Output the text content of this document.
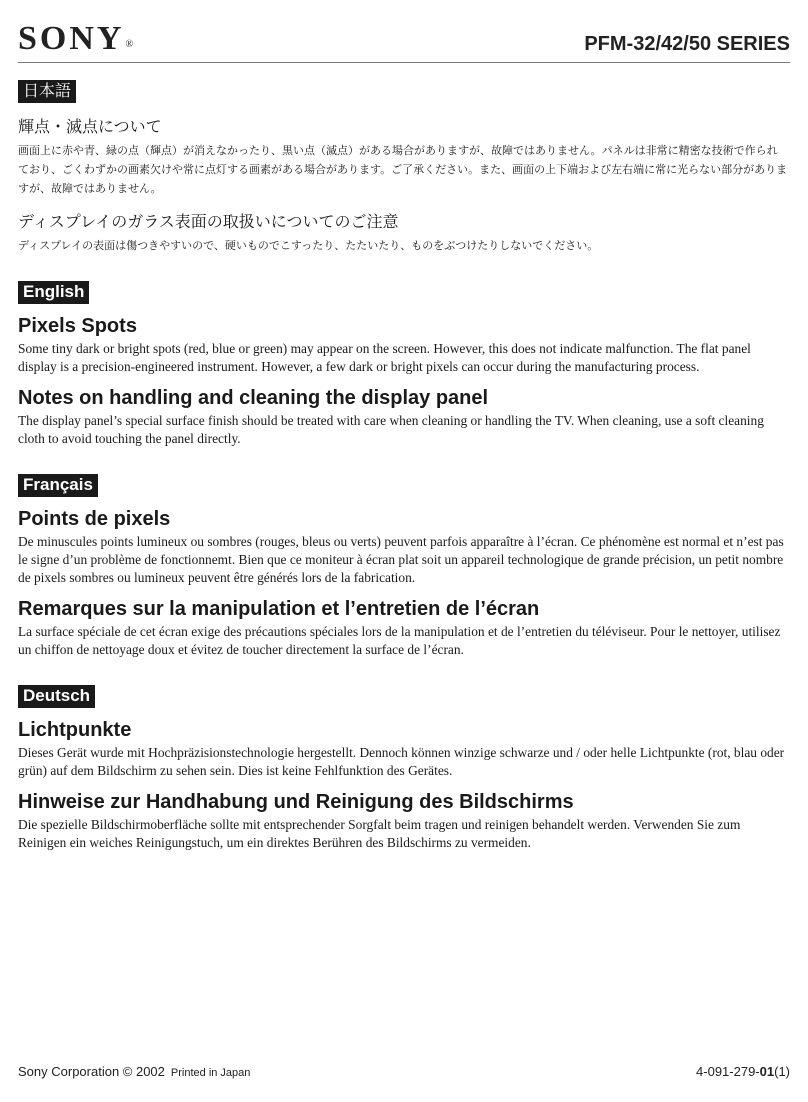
SONY®	PFM-32/42/50 SERIES
日本語
輝点・滅点について

画面上に赤や青、緑の点（輝点）が消えなかったり、黒い点（滅点）がある場合がありますが、故障ではありません。パネルは非常に精密な技術で作られており、ごくわずかの画素欠けや常に点灯する画素がある場合があります。ご了承ください。また、画面の上下端および左右端に常に光らない部分がありますが、故障ではありません。

ディスプレイのガラス表面の取扱いについてのご注意

ディスプレイの表面は傷つきやすいので、硬いものでこすったり、たたいたり、ものをぶつけたりしないでください。

English
Pixels Spots

Some tiny dark or bright spots (red, blue or green) may appear on the screen. However, this does not indicate malfunction. The flat panel display is a precision-engineered instrument. However, a few dark or bright pixels can occur during the manufacturing process.

Notes on handling and cleaning the display panel

The display panel’s special surface finish should be treated with care when cleaning or handling the TV. When cleaning, use a soft cleaning cloth to avoid touching the panel directly.

Français
Points de pixels

De minuscules points lumineux ou sombres (rouges, bleus ou verts) peuvent parfois apparaître à l’écran. Ce phénomène est normal et n’est pas le signe d’un problème de fonctionnemt. Bien que ce moniteur à écran plat soit un appareil technologique de grande précision, un petit nombre de pixels sombres ou lumineux peuvent être générés lors de la fabrication.

Remarques sur la manipulation et l’entretien de l’écran

La surface spéciale de cet écran exige des précautions spéciales lors de la manipulation et de l’entretien du téléviseur. Pour le nettoyer, utilisez un chiffon de nettoyage doux et évitez de toucher directement la surface de l’écran.

Deutsch
Lichtpunkte

Dieses Gerät wurde mit Hochpräzisionstechnologie hergestellt. Dennoch können winzige schwarze und / oder helle Lichtpunkte (rot, blau oder grün) auf dem Bildschirm zu sehen sein. Dies ist keine Fehlfunktion des Gerätes.

Hinweise zur Handhabung und Reinigung des Bildschirms

Die spezielle Bildschirmoberfläche sollte mit entsprechender Sorgfalt beim tragen und reinigen behandelt werden. Verwenden Sie zum Reinigen ein weiches Reinigungstuch, um ein direktes Berühren des Bildschirms zu vermeiden.

Sony Corporation © 2002 Printed in Japan	4-091-279-01(1)
